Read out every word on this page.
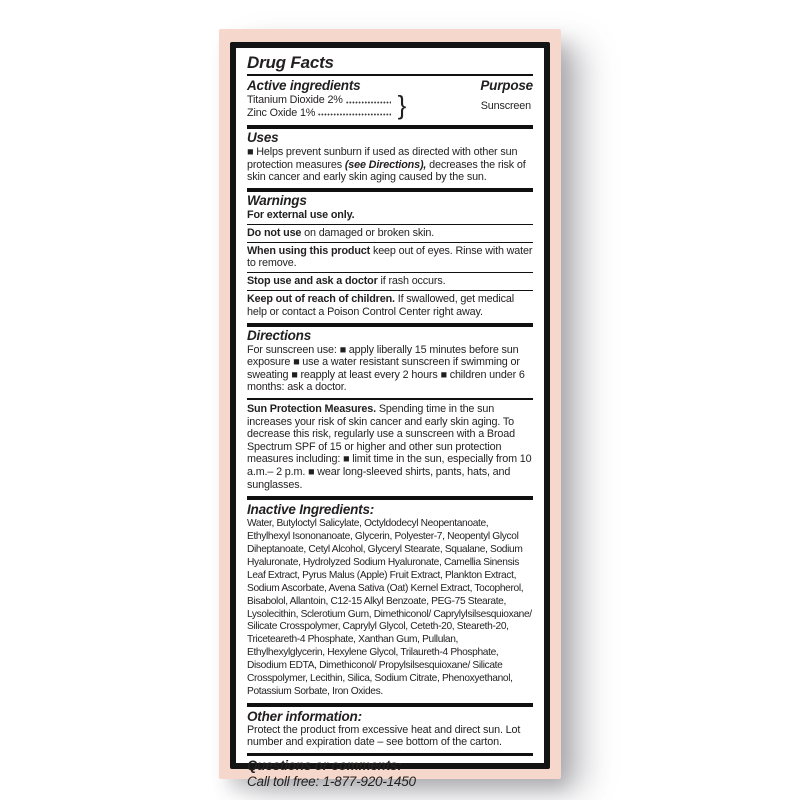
Drug Facts
Active ingredients	Purpose
Titanium Dioxide 2%
Zinc Oxide 1%	}	Sunscreen
Uses

■ Helps prevent sunburn if used as directed with other sun protection measures (see Directions), decreases the risk of skin cancer and early skin aging caused by the sun.

Warnings
For external use only.
Do not use on damaged or broken skin.
When using this product keep out of eyes. Rinse with water to remove.
Stop use and ask a doctor if rash occurs.
Keep out of reach of children. If swallowed, get medical help or contact a Poison Control Center right away.
Directions

For sunscreen use: ■ apply liberally 15 minutes before sun exposure ■ use a water resistant sunscreen if swimming or sweating ■ reapply at least every 2 hours ■ children under 6 months: ask a doctor.

Sun Protection Measures. Spending time in the sun increases your risk of skin cancer and early skin aging. To decrease this risk, regularly use a sunscreen with a Broad Spectrum SPF of 15 or higher and other sun protection measures including: ■ limit time in the sun, especially from 10 a.m.– 2 p.m. ■ wear long-sleeved shirts, pants, hats, and sunglasses.
Inactive Ingredients:

Water, Butyloctyl Salicylate, Octyldodecyl Neopentanoate, Ethylhexyl Isononanoate, Glycerin, Polyester-7, Neopentyl Glycol Diheptanoate, Cetyl Alcohol, Glyceryl Stearate, Squalane, Sodium Hyaluronate, Hydrolyzed Sodium Hyaluronate, Camellia Sinensis Leaf Extract, Pyrus Malus (Apple) Fruit Extract, Plankton Extract, Sodium Ascorbate, Avena Sativa (Oat) Kernel Extract, Tocopherol, Bisabolol, Allantoin, C12-15 Alkyl Benzoate, PEG-75 Stearate, Lysolecithin, Sclerotium Gum, Dimethiconol/ Caprylylsilsesquioxane/ Silicate Crosspolymer, Caprylyl Glycol, Ceteth-20, Steareth-20, Triceteareth-4 Phosphate, Xanthan Gum, Pullulan, Ethylhexylglycerin, Hexylene Glycol, Trilaureth-4 Phosphate, Disodium EDTA, Dimethiconol/ Propylsilsesquioxane/ Silicate Crosspolymer, Lecithin, Silica, Sodium Citrate, Phenoxyethanol, Potassium Sorbate, Iron Oxides.

Other information:

Protect the product from excessive heat and direct sun. Lot number and expiration date – see bottom of the carton.

Questions or comments:
Call toll free: 1-877-920-1450
